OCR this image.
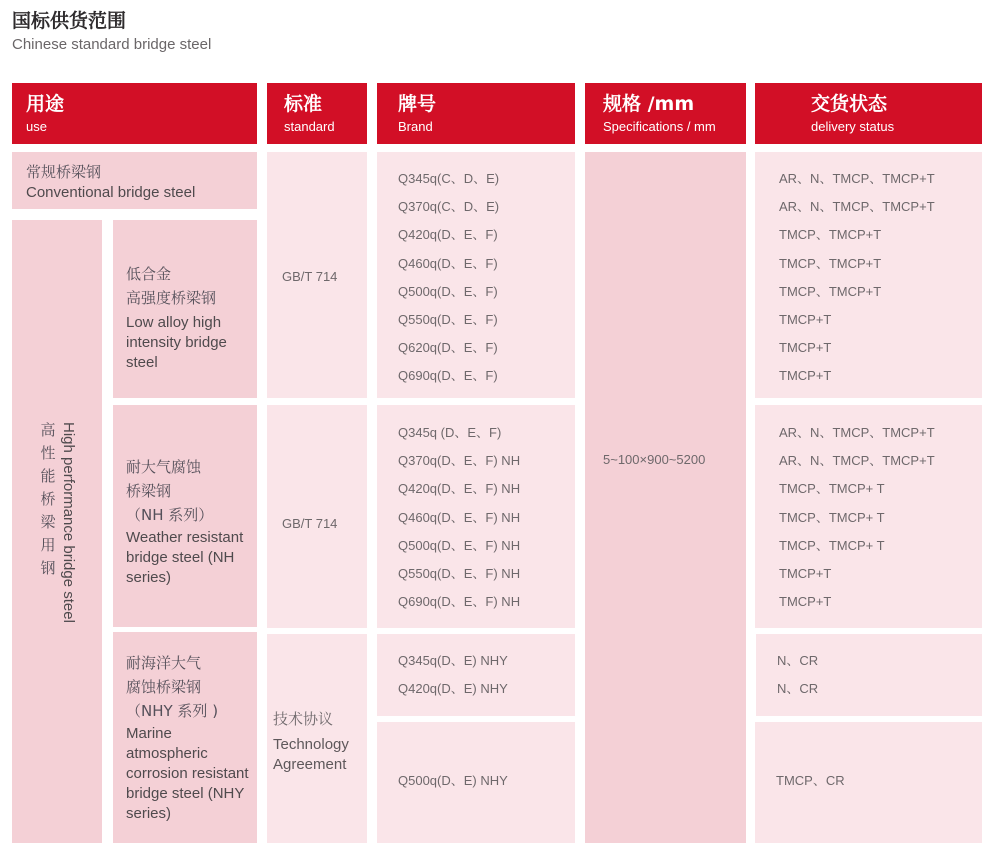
国标供货范围
Chinese standard bridge steel
用途
use
标准
standard
牌号
Brand
规格 /mm
Specifications / mm
交货状态
delivery status
常规桥梁钢
Conventional bridge steel
高
性
能
桥
梁
用
钢 High performance bridge steel
低合金
高强度桥梁钢
Low alloy high intensity bridge steel
耐大气腐蚀
桥梁钢
（NH 系列）
Weather resistant bridge steel (NH series)
耐海洋大气
腐蚀桥梁钢
（NHY 系列 )
Marine atmospheric corrosion resistant bridge steel (NHY series)
GB/T 714
GB/T 714
技术协议
Technology Agreement
Q345q(C、D、E)
Q370q(C、D、E)
Q420q(D、E、F)
Q460q(D、E、F)
Q500q(D、E、F)
Q550q(D、E、F)
Q620q(D、E、F)
Q690q(D、E、F)
Q345q (D、E、F)
Q370q(D、E、F) NH
Q420q(D、E、F) NH
Q460q(D、E、F) NH
Q500q(D、E、F) NH
Q550q(D、E、F) NH
Q690q(D、E、F) NH
Q345q(D、E) NHY
Q420q(D、E) NHY
Q500q(D、E) NHY
5~100×900~5200
AR、N、TMCP、TMCP+T
AR、N、TMCP、TMCP+T
TMCP、TMCP+T
TMCP、TMCP+T
TMCP、TMCP+T
TMCP+T
TMCP+T
TMCP+T
AR、N、TMCP、TMCP+T
AR、N、TMCP、TMCP+T
TMCP、TMCP+ T
TMCP、TMCP+ T
TMCP、TMCP+ T
TMCP+T
TMCP+T
N、CR
N、CR
TMCP、CR
